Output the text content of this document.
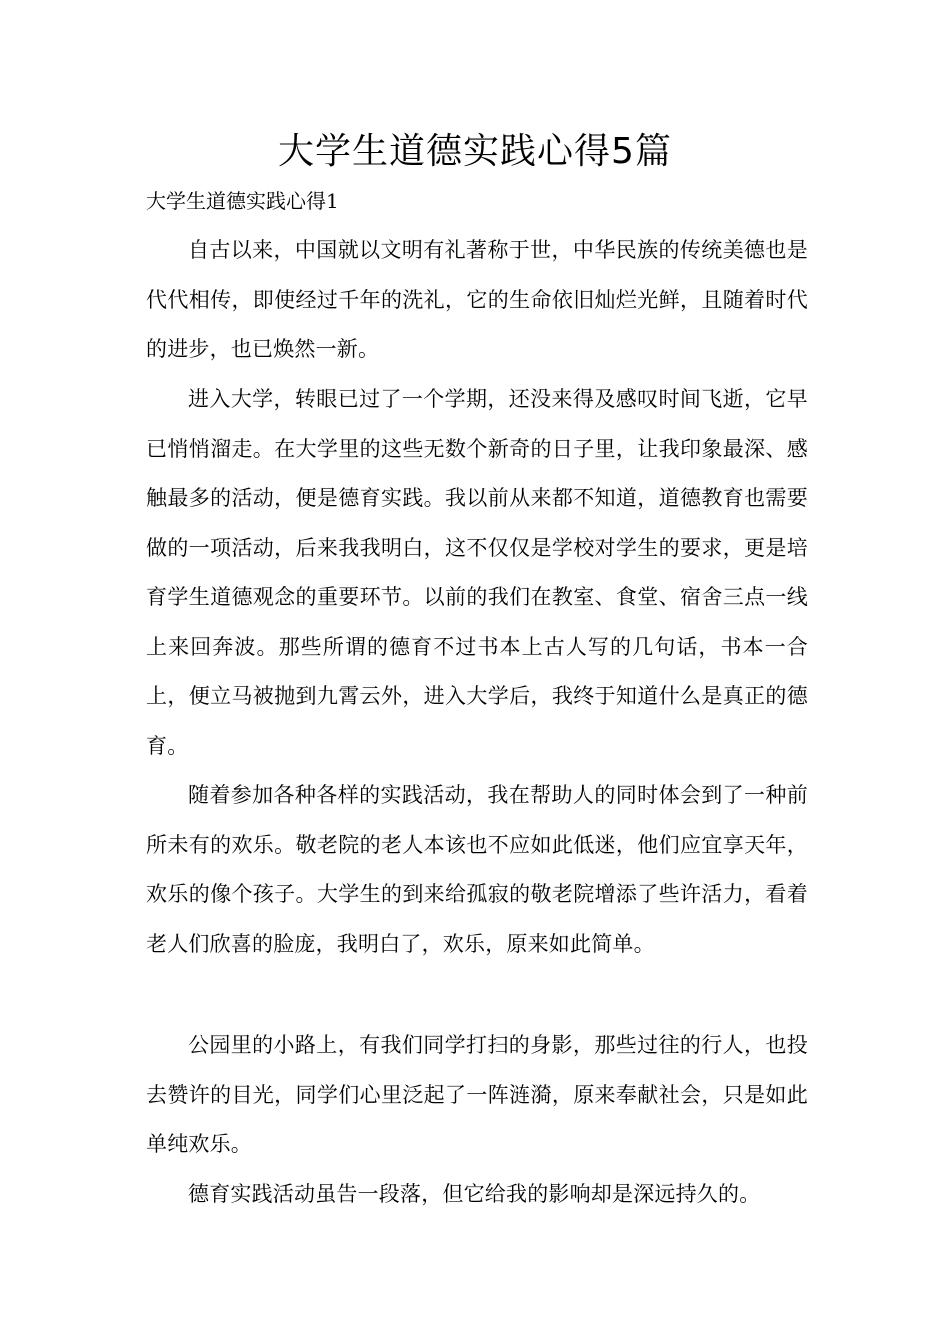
大学生道德实践心得5篇

大学生道德实践心得1

自古以来，中国就以文明有礼著称于世，中华民族的传统美德也是代代相传，即使经过千年的洗礼，它的生命依旧灿烂光鲜，且随着时代的进步，也已焕然一新。

进入大学，转眼已过了一个学期，还没来得及感叹时间飞逝，它早已悄悄溜走。在大学里的这些无数个新奇的日子里，让我印象最深、感触最多的活动，便是德育实践。我以前从来都不知道，道德教育也需要做的一项活动，后来我我明白，这不仅仅是学校对学生的要求，更是培育学生道德观念的重要环节。以前的我们在教室、食堂、宿舍三点一线上来回奔波。那些所谓的德育不过书本上古人写的几句话，书本一合上，便立马被抛到九霄云外，进入大学后，我终于知道什么是真正的德育。

随着参加各种各样的实践活动，我在帮助人的同时体会到了一种前所未有的欢乐。敬老院的老人本该也不应如此低迷，他们应宜享天年，欢乐的像个孩子。大学生的到来给孤寂的敬老院增添了些许活力，看着老人们欣喜的脸庞，我明白了，欢乐，原来如此简单。

公园里的小路上，有我们同学打扫的身影，那些过往的行人，也投去赞许的目光，同学们心里泛起了一阵涟漪，原来奉献社会，只是如此单纯欢乐。

德育实践活动虽告一段落，但它给我的影响却是深远持久的。
